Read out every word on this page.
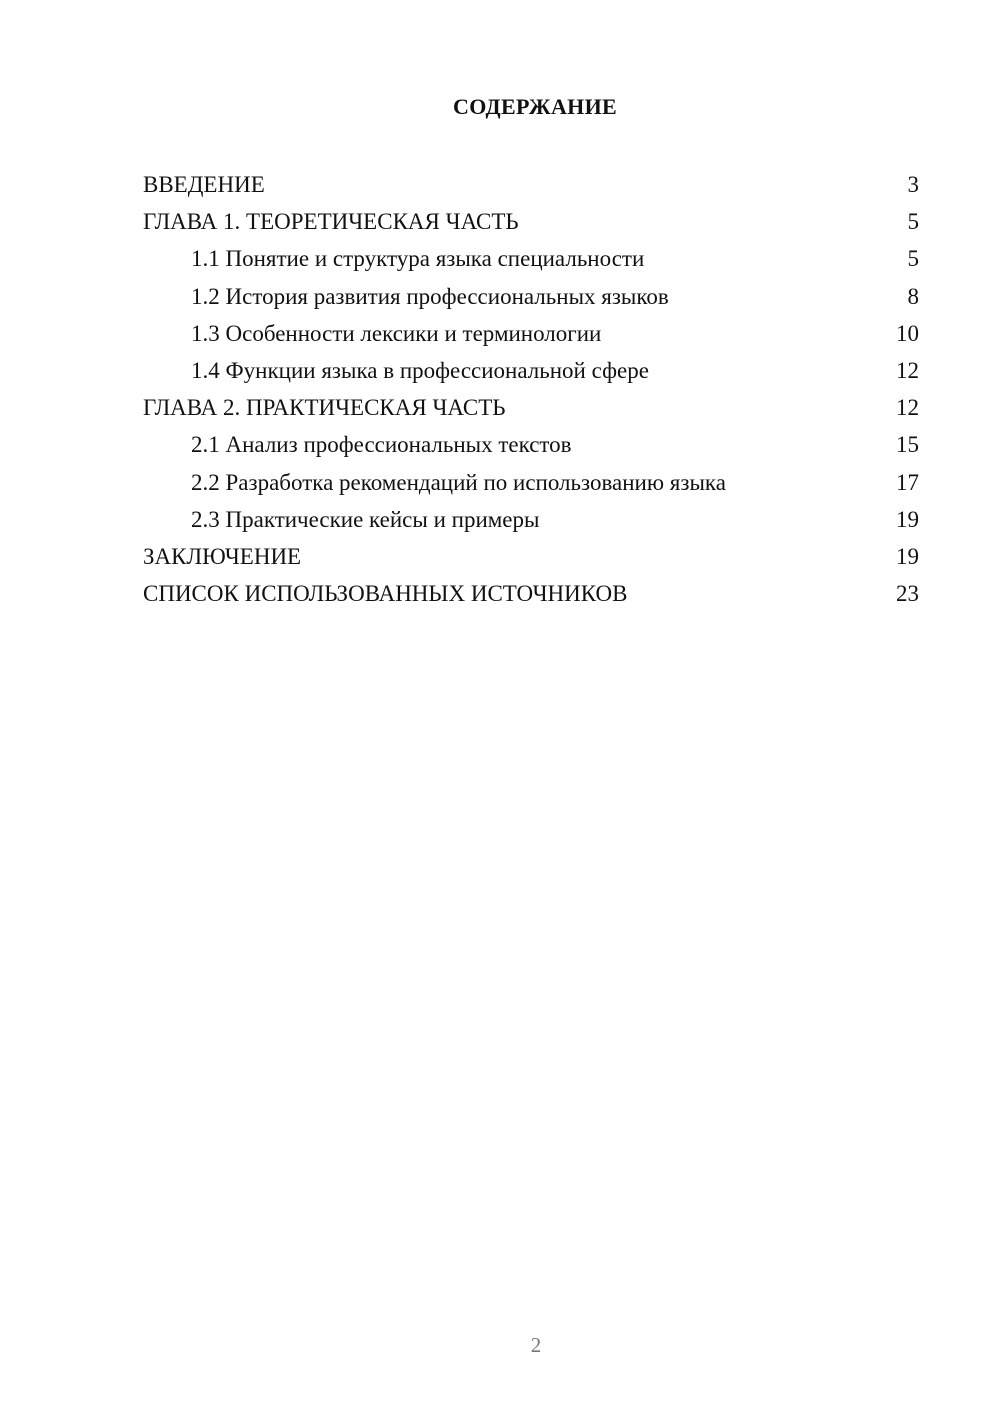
СОДЕРЖАНИЕ
ВВЕДЕНИЕ	3
ГЛАВА 1. ТЕОРЕТИЧЕСКАЯ ЧАСТЬ	5
1.1 Понятие и структура языка специальности	5
1.2 История развития профессиональных языков	8
1.3 Особенности лексики и терминологии	10
1.4 Функции языка в профессиональной сфере	12
ГЛАВА 2. ПРАКТИЧЕСКАЯ ЧАСТЬ	12
2.1 Анализ профессиональных текстов	15
2.2 Разработка рекомендаций по использованию языка	17
2.3 Практические кейсы и примеры	19
ЗАКЛЮЧЕНИЕ	19
СПИСОК ИСПОЛЬЗОВАННЫХ ИСТОЧНИКОВ	23
2
